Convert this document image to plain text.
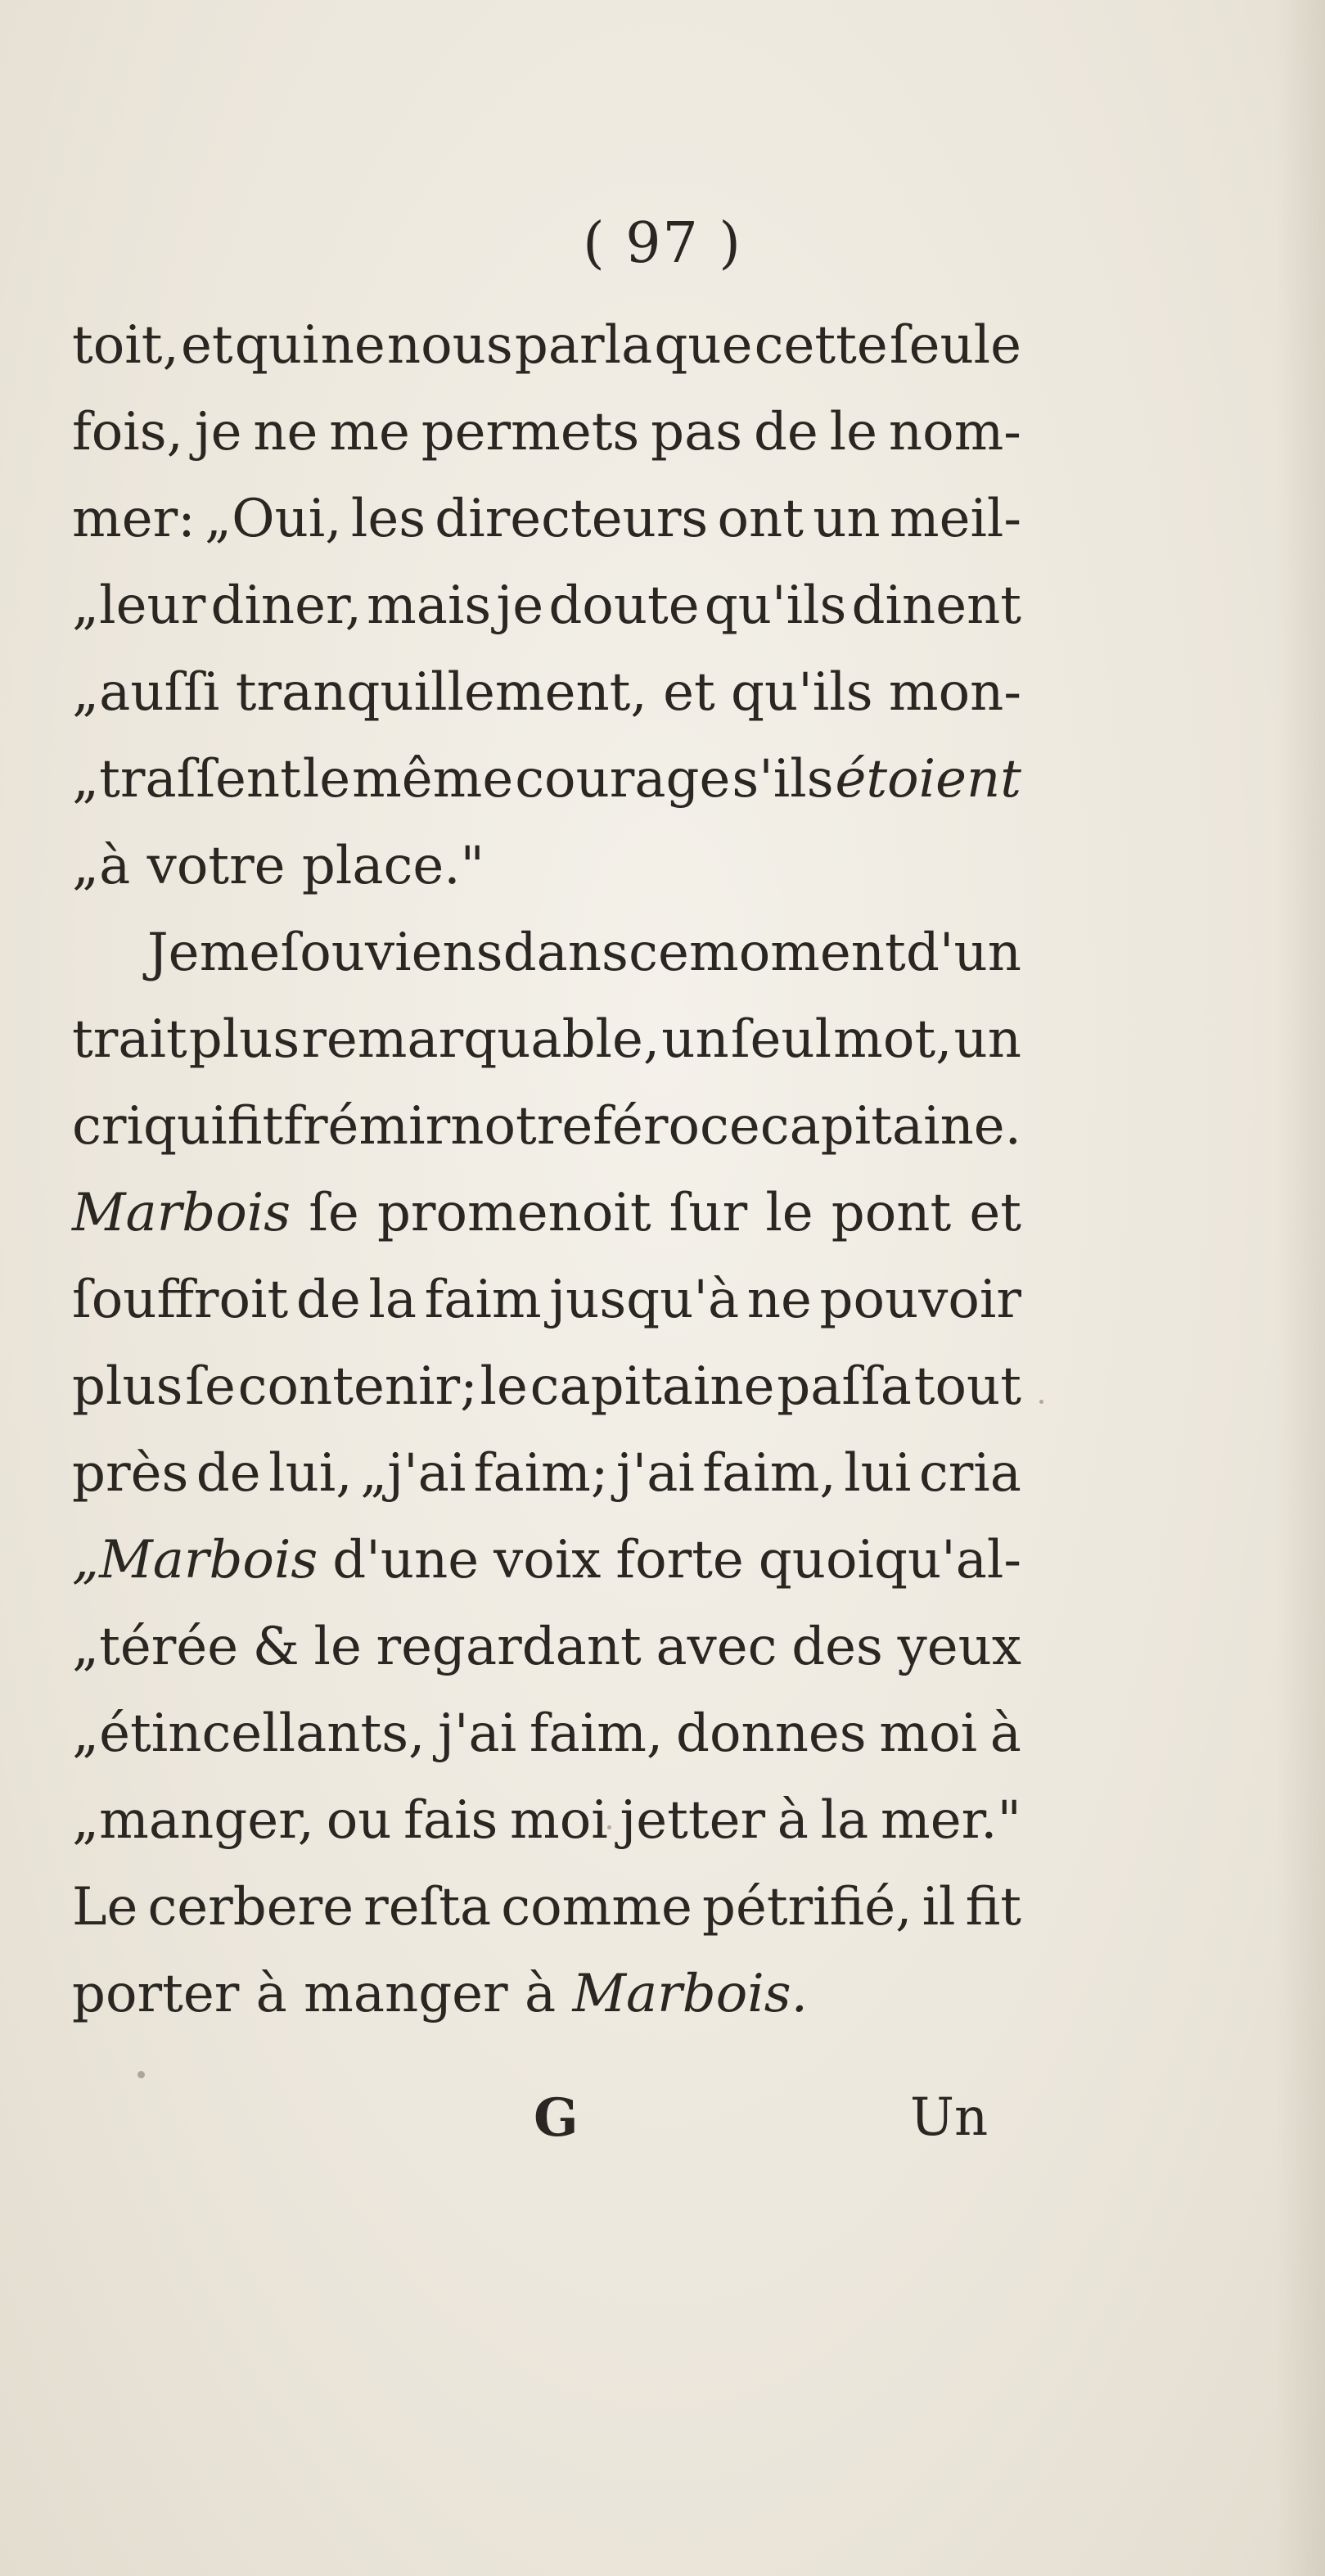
( 97 )
toit, et qui ne nous parla que cette ſeule
fois, je ne me permets pas de le nom-
mer: „Oui, les directeurs ont un meil-
„leur diner, mais je doute qu'ils dinent
„auſſi tranquillement, et qu'ils mon-
„traſſent le même courage s'ils étoient
„à
votre
place."
Je me ſouviens dans ce moment d'un
trait plus remarquable, un ſeul mot, un
cri qui fit frémir notre féroce capitaine.
Marbois ſe promenoit ſur le pont et
ſouffroit de la faim jusqu'à ne pouvoir
plus ſe contenir; le capitaine paſſa tout
près de lui, „j'ai faim; j'ai faim, lui cria
„Marbois d'une voix forte quoiqu'al-
„térée & le regardant avec des yeux
„étincellants, j'ai faim, donnes moi à
„manger, ou fais moi jetter à la mer."
Le cerbere reſta comme pétrifié, il fit
porter
à
manger
à
Marbois.
G	Un
